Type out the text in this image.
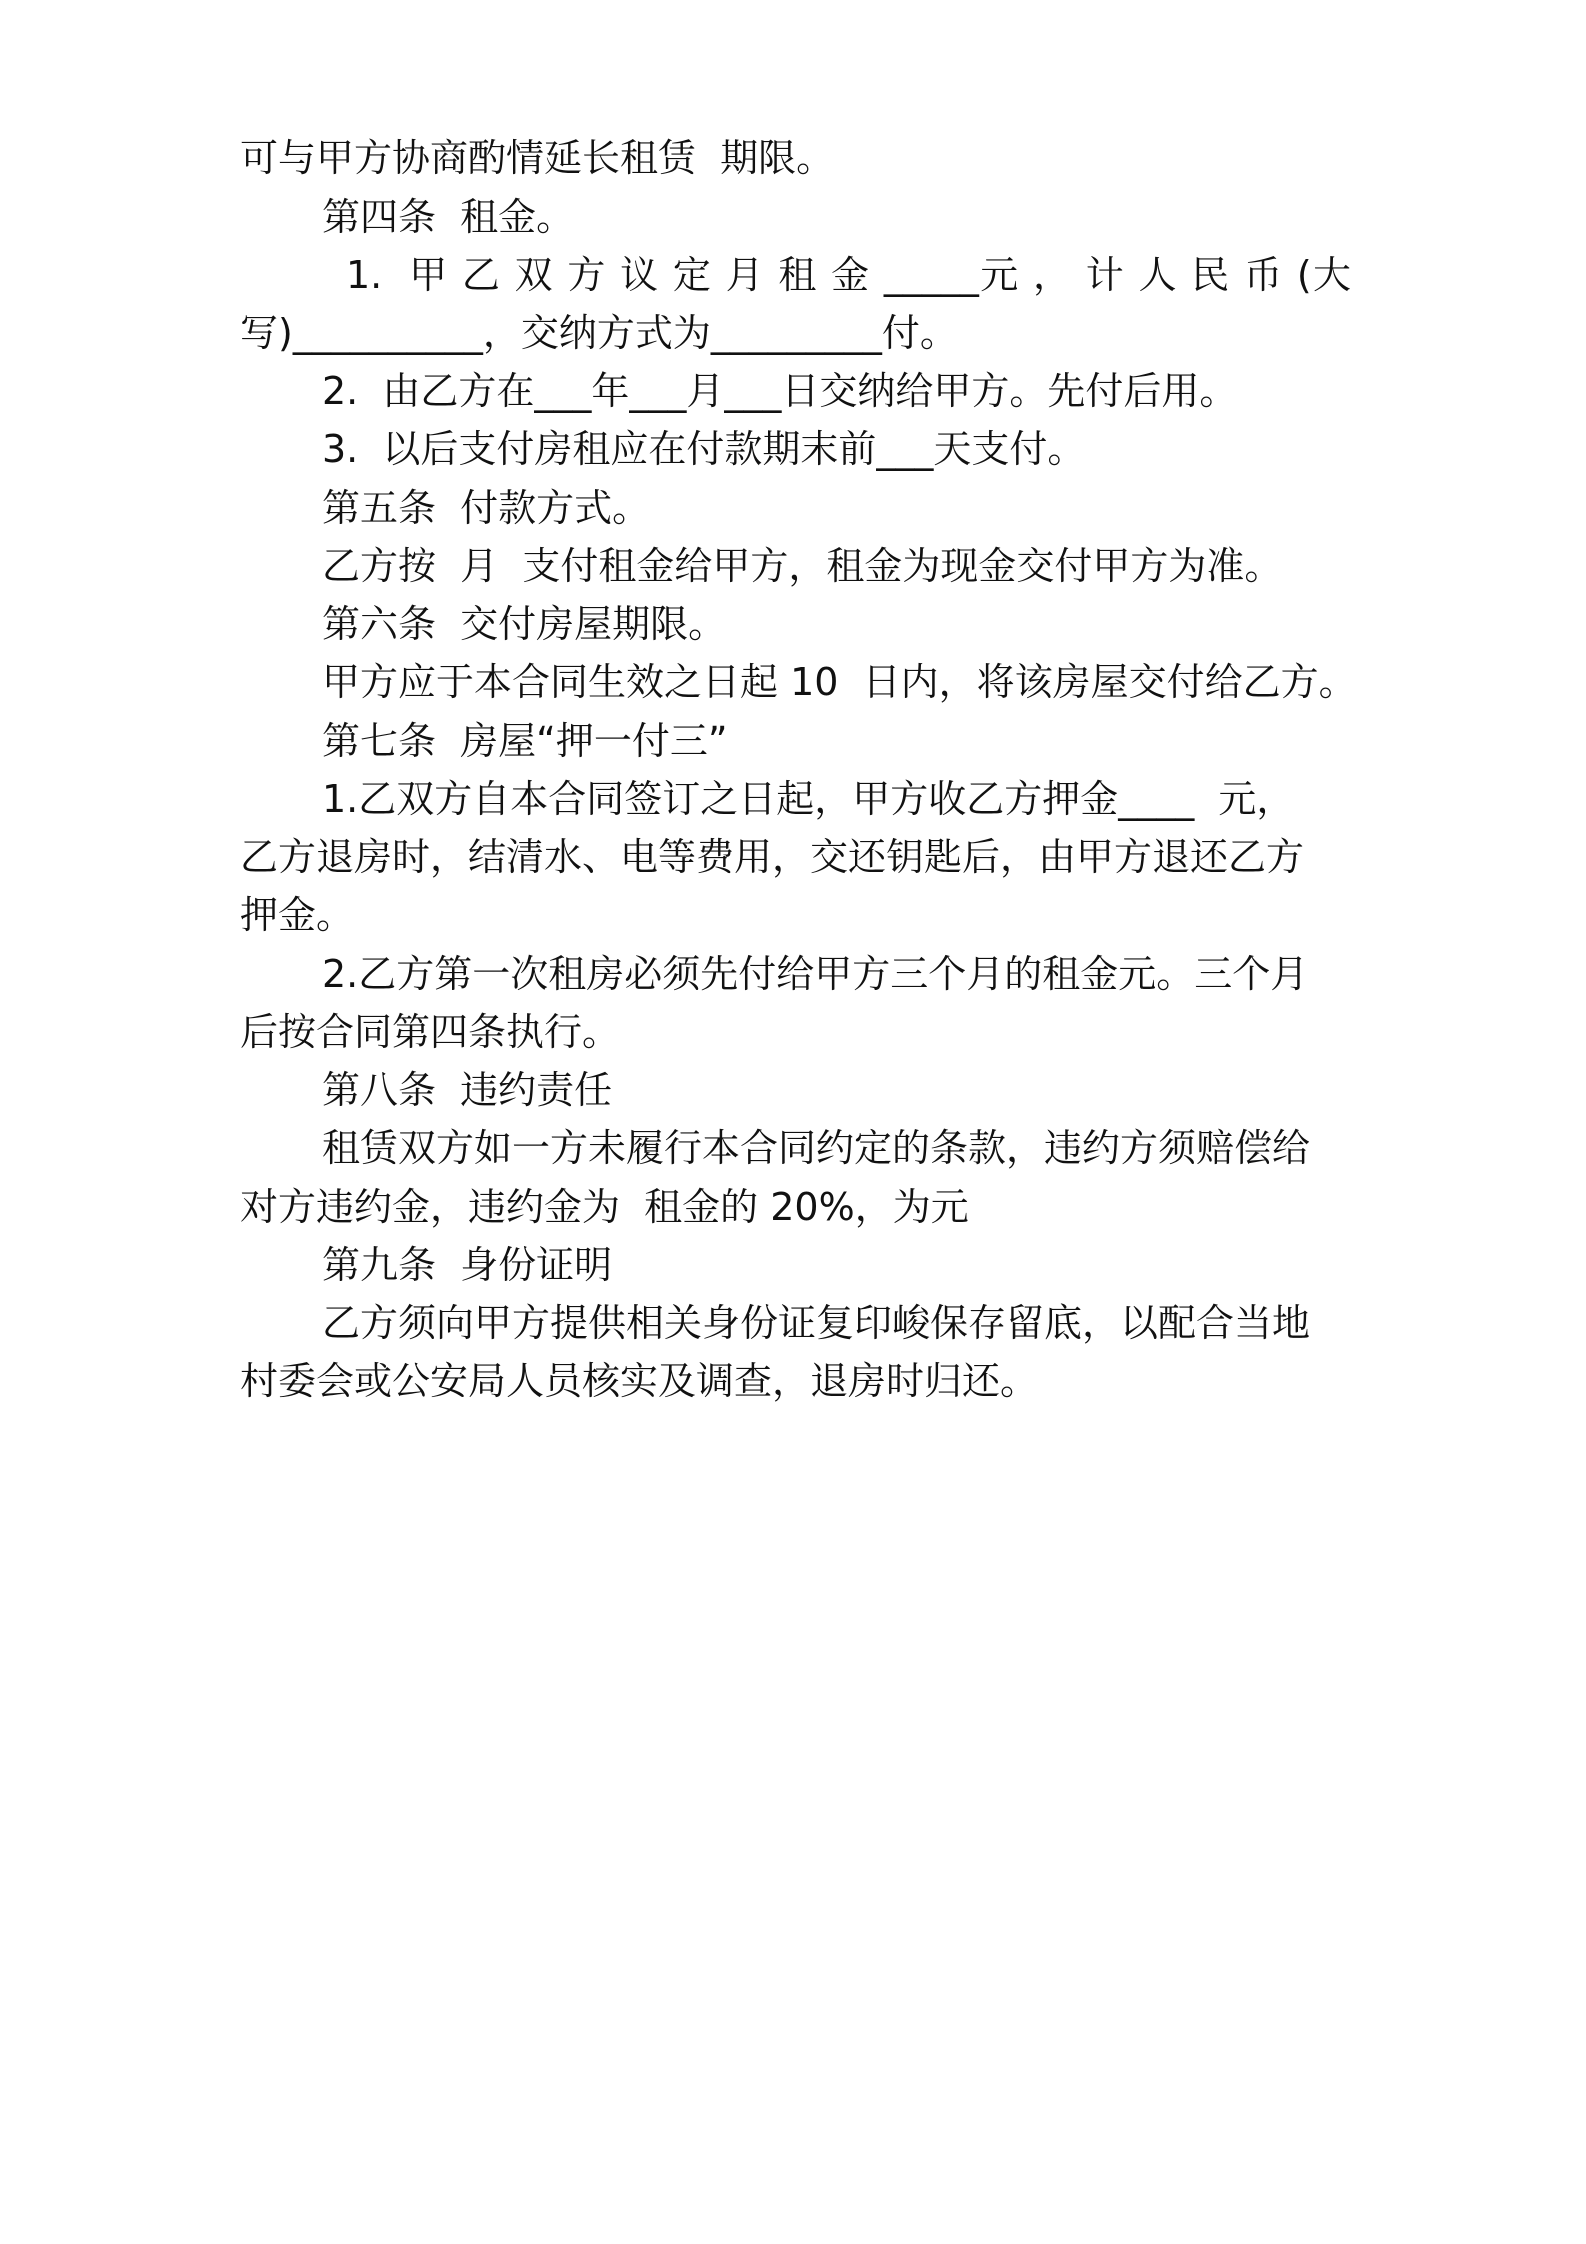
可与甲方协商酌情延长租赁  期限。

第四条  租金。

1.  甲 乙 双 方 议 定 月 租 金 _____元 ， 计 人 民 币 (大

写)__________，交纳方式为_________付。

2.  由乙方在___年___月___日交纳给甲方。先付后用。

3.  以后支付房租应在付款期末前___天支付。

第五条  付款方式。

乙方按  月  支付租金给甲方，租金为现金交付甲方为准。

第六条  交付房屋期限。

甲方应于本合同生效之日起 10  日内，将该房屋交付给乙方。

第七条  房屋“押一付三”

1.乙双方自本合同签订之日起，甲方收乙方押金____  元，

乙方退房时，结清水、电等费用，交还钥匙后，由甲方退还乙方

押金。

2.乙方第一次租房必须先付给甲方三个月的租金元。三个月

后按合同第四条执行。

第八条  违约责任

租赁双方如一方未履行本合同约定的条款，违约方须赔偿给

对方违约金，违约金为  租金的 20%，为元

第九条  身份证明

乙方须向甲方提供相关身份证复印峻保存留底，以配合当地

村委会或公安局人员核实及调查，退房时归还。
